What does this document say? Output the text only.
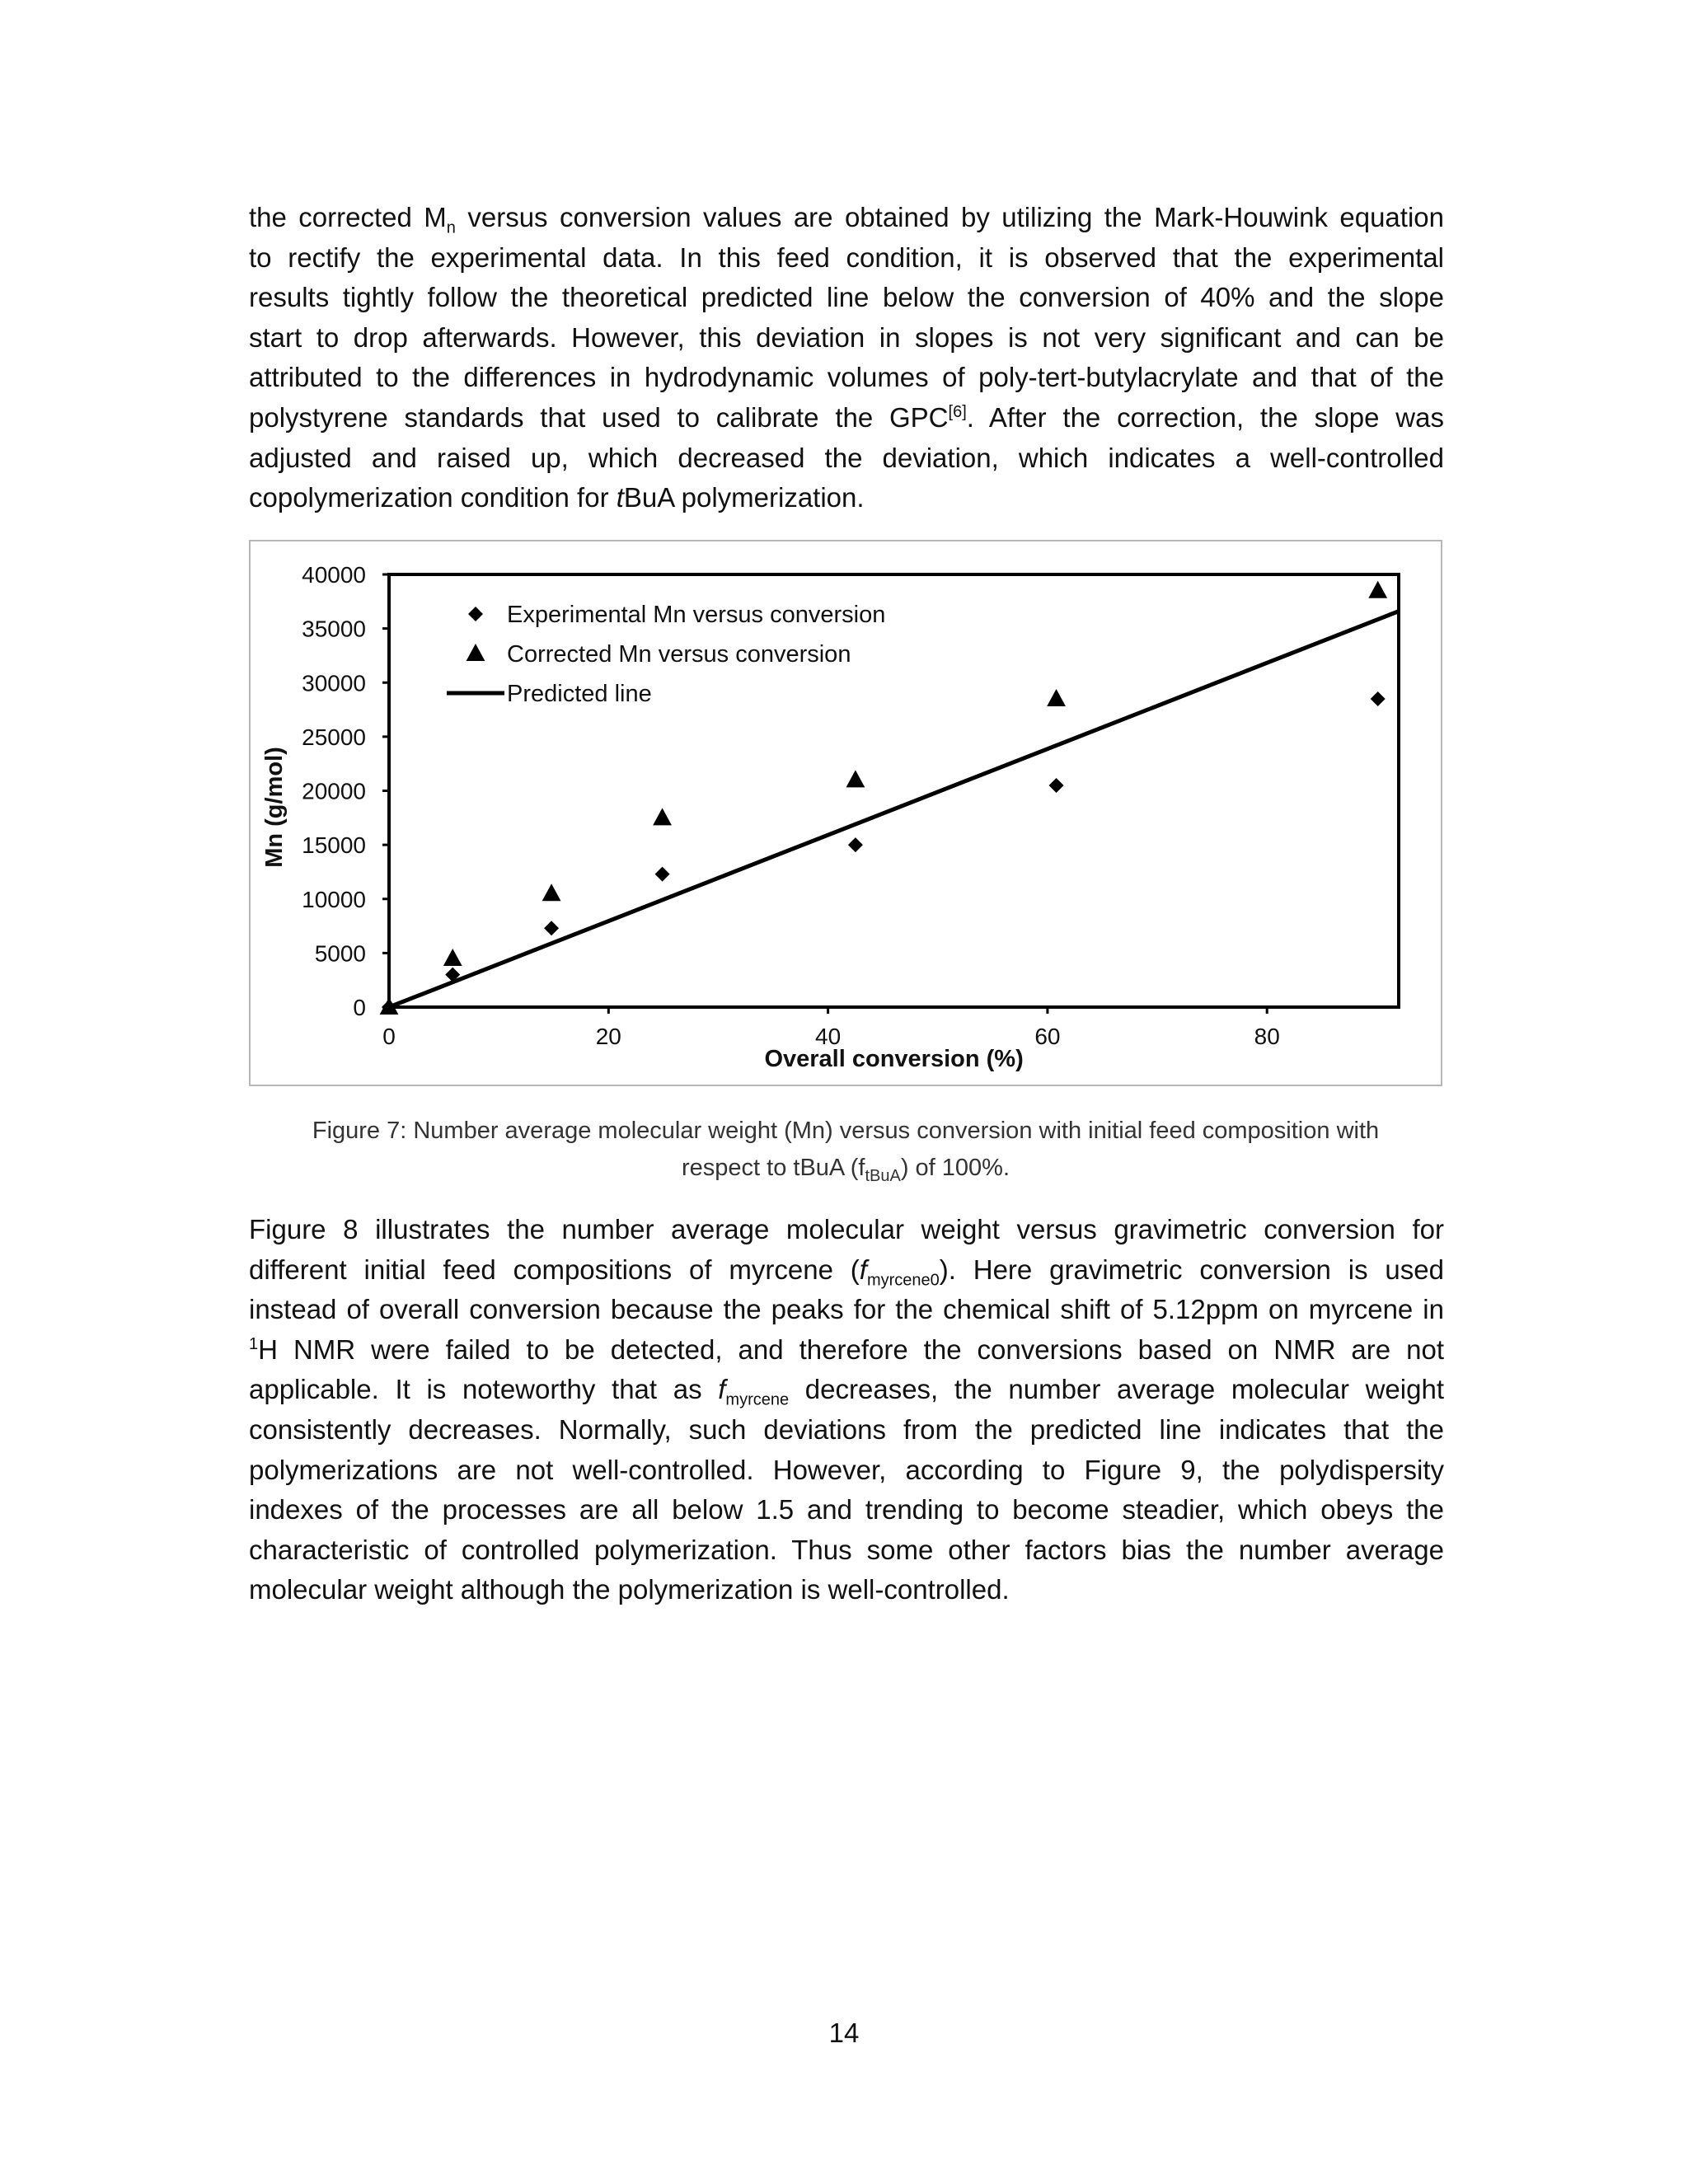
the corrected $M_n$ versus conversion values are obtained by utilizing the Mark-Houwink equation
to rectify the experimental data. In this feed condition, it is observed that the experimental
results tightly follow the theoretical predicted line below the conversion of 40% and the slope
start to drop afterwards. However, this deviation in slopes is not very significant and can be
attributed to the differences in hydrodynamic volumes of poly-tert-butylacrylate and that of the
polystyrene standards that used to calibrate the GPC[6]. After the correction, the slope was
adjusted and raised up, which decreased the deviation, which indicates a well-controlled
copolymerization condition for tBuA polymerization.
0
5000
10000
15000
20000
25000
30000
35000
40000
0	20	40	60	80
Experimental Mn versus conversion
Corrected Mn versus conversion
Predicted line
Overall conversion (%)
Mn (g/mol)
Figure 7: Number average molecular weight (Mn) versus conversion with initial feed composition with
respect to tBuA $(f_{tBuA})$ of 100%.
Figure 8 illustrates the number average molecular weight versus gravimetric conversion for
different initial feed compositions of myrcene $(f_{myrcene0})$. Here gravimetric conversion is used
instead of overall conversion because the peaks for the chemical shift of 5.12ppm on myrcene in
$^1$H NMR were failed to be detected, and therefore the conversions based on NMR are not
applicable. It is noteworthy that as $f_{myrcene}$ decreases, the number average molecular weight
consistently decreases. Normally, such deviations from the predicted line indicates that the
polymerizations are not well-controlled. However, according to Figure 9, the polydispersity
indexes of the processes are all below 1.5 and trending to become steadier, which obeys the
characteristic of controlled polymerization. Thus some other factors bias the number average
molecular weight although the polymerization is well-controlled.
14
